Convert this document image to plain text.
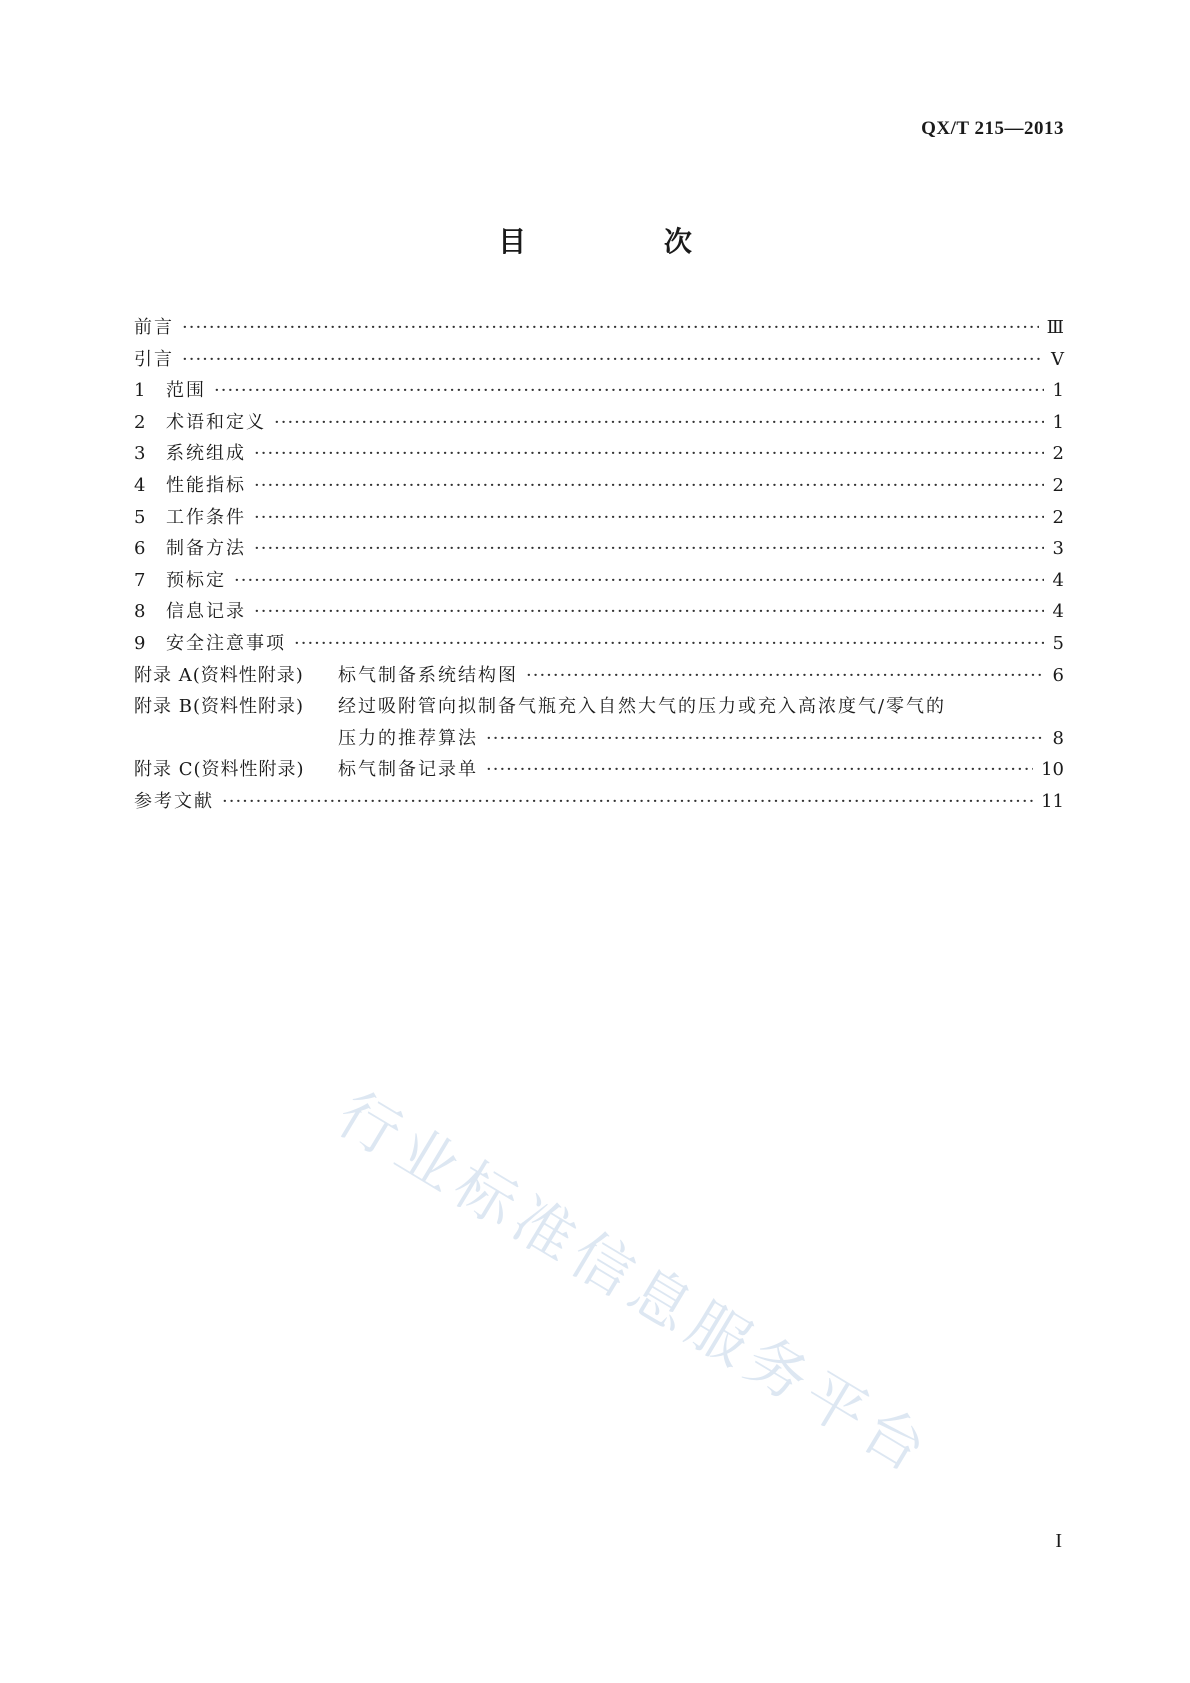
QX/T 215—2013
目 次
前言 ·····	Ⅲ
引言 ·····	Ⅴ
1	范围 ·····	1
2	术语和定义 ·····	1
3	系统组成 ·····	2
4	性能指标 ·····	2
5	工作条件 ·····	2
6	制备方法 ·····	3
7	预标定 ·····	4
8	信息记录 ·····	4
9	安全注意事项 ·····	5
附录 A(资料性附录)	标气制备系统结构图 ·····	6
附录 B(资料性附录)	经过吸附管向拟制备气瓶充入自然大气的压力或充入高浓度气/零气的
压力的推荐算法 ·····	8
附录 C(资料性附录)	标气制备记录单 ·····	10
参考文献 ·····	11
行业标准信息服务平台
I
